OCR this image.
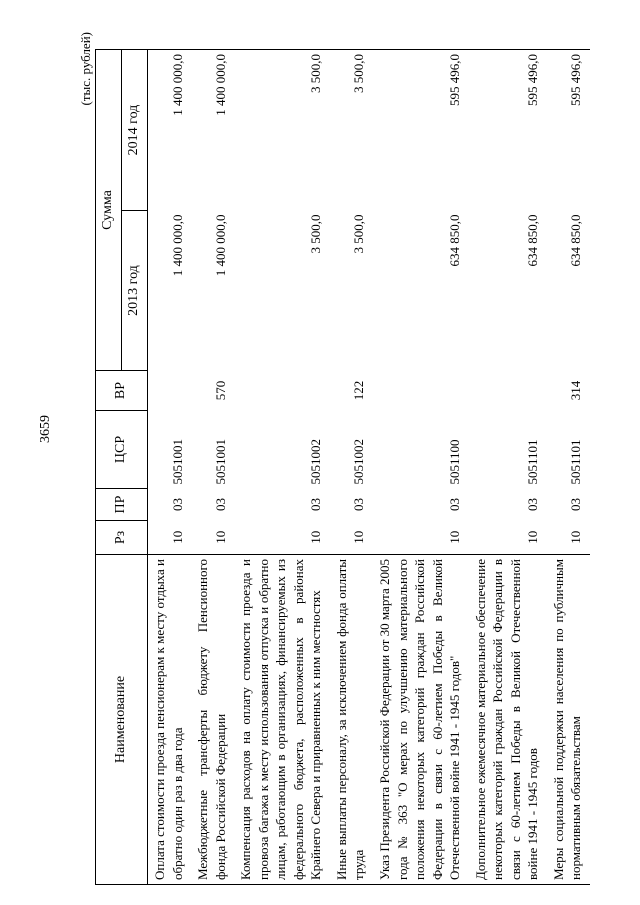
3659
(тыс. рублей)
Наименование	Рз	ПР	ЦСР	ВР	Сумма	
					2013 год	2014 год
Оплата стоимости проезда пенсионерам к месту отдыха и обратно один раз в два года	10	03	5051001		1 400 000,0	1 400 000,0
Межбюджетные трансферты бюджету Пенсионного фонда Российской Федерации	10	03	5051001	570	1 400 000,0	1 400 000,0
Компенсация расходов на оплату стоимости проезда и провоза багажа к месту использования отпуска и обратно лицам, работающим в организациях, финансируемых из федерального бюджета, расположенных в районах Крайнего Севера и приравненных к ним местностях	10	03	5051002		3 500,0	3 500,0
Иные выплаты персоналу, за исключением фонда оплаты труда	10	03	5051002	122	3 500,0	3 500,0
Указ Президента Российской Федерации от 30 марта 2005 года № 363 "О мерах по улучшению материального положения некоторых категорий граждан Российской Федерации в связи с 60-летием Победы в Великой Отечественной войне 1941 - 1945 годов"	10	03	5051100		634 850,0	595 496,0
Дополнительное ежемесячное материальное обеспечение некоторых категорий граждан Российской Федерации в связи с 60-летием Победы в Великой Отечественной войне 1941 - 1945 годов	10	03	5051101		634 850,0	595 496,0
Меры социальной поддержки населения по публичным нормативным обязательствам	10	03	5051101	314	634 850,0	595 496,0
